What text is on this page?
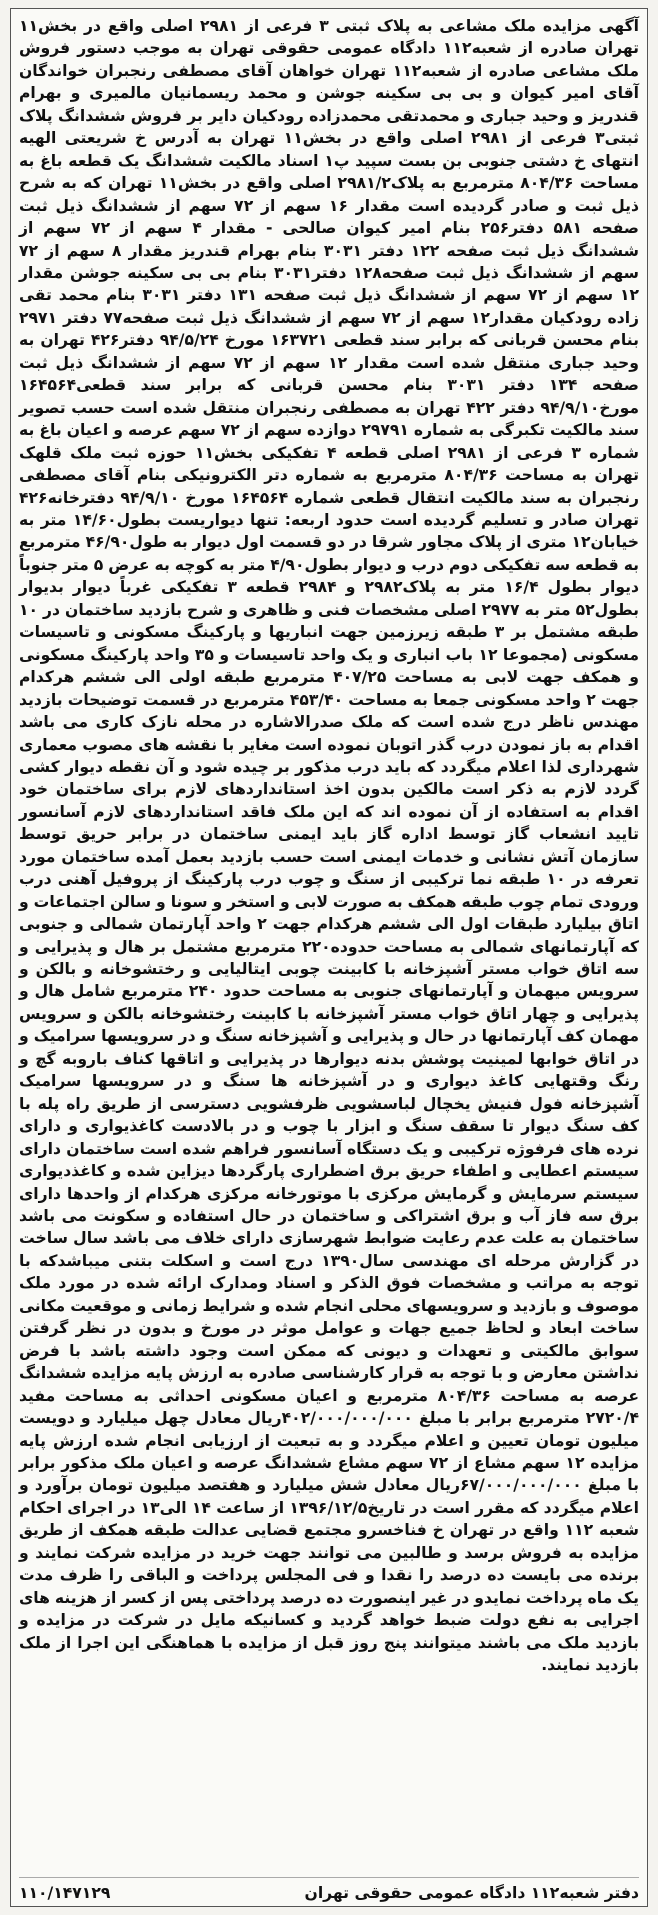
آگهی مزایده ملک مشاعی به پلاک ثبتی ۳ فرعی از ۲۹۸۱ اصلی واقع در بخش۱۱ تهران صادره از شعبه۱۱۲ دادگاه عمومی حقوقی تهران به موجب دستور فروش ملک مشاعی صادره از شعبه۱۱۲ تهران خواهان آقای مصطفی رنجبران خواندگان آقای امیر کیوان و بی بی سکینه جوشن و محمد ریسمانیان مالمیری و بهرام قندریز و وحید جباری و محمدتقی محمدزاده رودکیان دایر بر فروش ششدانگ پلاک ثبتی۳ فرعی از ۲۹۸۱ اصلی واقع در بخش۱۱ تهران به آدرس خ شریعتی الهیه انتهای خ دشتی جنوبی بن بست سپید پ۱ اسناد مالکیت ششدانگ یک قطعه باغ به مساحت ۸۰۴/۳۶ مترمربع به پلاک۲۹۸۱/۲ اصلی واقع در بخش۱۱ تهران که به شرح ذیل ثبت و صادر گردیده است مقدار ۱۶ سهم از ۷۲ سهم از ششدانگ ذیل ثبت صفحه ۵۸۱ دفتر۲۵۶ بنام امیر کیوان صالحی - مقدار ۴ سهم از ۷۲ سهم از ششدانگ ذیل ثبت صفحه ۱۲۲ دفتر ۳۰۳۱ بنام بهرام قندریز مقدار ۸ سهم از ۷۲ سهم از ششدانگ ذیل ثبت صفحه۱۲۸ دفتر۳۰۳۱ بنام بی بی سکینه جوشن مقدار ۱۲ سهم از ۷۲ سهم از ششدانگ ذیل ثبت صفحه ۱۳۱ دفتر ۳۰۳۱ بنام محمد تقی زاده رودکیان مقدار۱۲ سهم از ۷۲ سهم از ششدانگ ذیل ثبت صفحه۷۷ دفتر ۲۹۷۱ بنام محسن قربانی که برابر سند قطعی ۱۶۳۷۲۱ مورخ ۹۴/۵/۲۴ دفتر۴۲۶ تهران به وحید جباری منتقل شده است مقدار ۱۲ سهم از ۷۲ سهم از ششدانگ ذیل ثبت صفحه ۱۳۴ دفتر ۳۰۳۱ بنام محسن قربانی که برابر سند قطعی۱۶۴۵۶۴ مورخ۹۴/۹/۱۰ دفتر ۴۲۲ تهران به مصطفی رنجبران منتقل شده است حسب تصویر سند مالکیت تکبرگی به شماره ۲۹۷۹۱ دوازده سهم از ۷۲ سهم عرصه و اعیان باغ به شماره ۳ فرعی از ۲۹۸۱ اصلی قطعه ۴ تفکیکی بخش۱۱ حوزه ثبت ملک قلهک تهران به مساحت ۸۰۴/۳۶ مترمربع به شماره دتر الکترونیکی بنام آقای مصطفی رنجبران به سند مالکیت انتقال قطعی شماره ۱۶۴۵۶۴ مورخ ۹۴/۹/۱۰ دفترخانه۴۲۶ تهران صادر و تسلیم گردیده است حدود اربعه: تنها دیواریست بطول۱۴/۶۰ متر به خیابان۱۲ متری از پلاک مجاور شرقا در دو قسمت اول دیوار به طول۴۶/۹۰ مترمربع به قطعه سه تفکیکی دوم درب و دیوار بطول۴/۹۰ متر به کوچه به عرض ۵ متر جنوباً دیوار بطول ۱۶/۴ متر به پلاک۲۹۸۲ و ۲۹۸۴ قطعه ۳ تفکیکی غرباً دیوار بدیوار بطول۵۲ متر به ۲۹۷۷ اصلی مشخصات فنی و ظاهری و شرح بازدید ساختمان در ۱۰ طبقه مشتمل بر ۳ طبقه زیرزمین جهت انباریها و پارکینگ مسکونی و تاسیسات مسکونی (مجموعا ۱۲ باب انباری و یک واحد تاسیسات و ۳۵ واحد پارکینگ مسکونی و همکف جهت لابی به مساحت ۴۰۷/۲۵ مترمربع طبقه اولی الی ششم هرکدام جهت ۲ واحد مسکونی جمعا به مساحت ۴۵۳/۴۰ مترمربع در قسمت توضیحات بازدید مهندس ناظر درج شده است که ملک صدرالاشاره در محله نازک کاری می باشد اقدام به باز نمودن درب گذر اتوبان نموده است مغایر با نقشه های مصوب معماری شهرداری لذا اعلام میگردد که باید درب مذکور بر چیده شود و آن نقطه دیوار کشی گردد لازم به ذکر است مالکین بدون اخذ استانداردهای لازم برای ساختمان خود اقدام به استفاده از آن نموده اند که این ملک فاقد استانداردهای لازم آسانسور تایید انشعاب گاز توسط اداره گاز باید ایمنی ساختمان در برابر حریق توسط سازمان آتش نشانی و خدمات ایمنی است حسب بازدید بعمل آمده ساختمان مورد تعرفه در ۱۰ طبقه نما ترکیبی از سنگ و چوب درب پارکینگ از پروفیل آهنی درب ورودی تمام چوب طبقه همکف به صورت لابی و استخر و سونا و سالن اجتماعات و اتاق بیلیارد طبقات اول الی ششم هرکدام جهت ۲ واحد آپارتمان شمالی و جنوبی که آپارتمانهای شمالی به مساحت حدوده۲۲۰ مترمربع مشتمل بر هال و پذیرایی و سه اتاق خواب مستر آشپزخانه با کابینت چوبی ایتالیایی و رختشوخانه و بالکن و سرویس میهمان و آپارتمانهای جنوبی به مساحت حدود ۲۴۰ مترمربع شامل هال و پذیرایی و چهار اتاق خواب مستر آشپزخانه با کابینت رختشوخانه بالکن و سرویس مهمان کف آپارتمانها در حال و پذیرایی و آشپزخانه سنگ و در سرویسها سرامیک و در اتاق خوابها لمینیت پوشش بدنه دیوارها در پذیرایی و اتاقها کناف باروبه گچ و رنگ وقتهایی کاغذ دیواری و در آشپزخانه ها سنگ و در سرویسها سرامیک آشپزخانه فول فنیش یخچال لباسشویی ظرفشویی دسترسی از طریق راه پله با کف سنگ دیوار تا سقف سنگ و ابزار با چوب و در بالادست کاغذیواری و دارای نرده های فرفوژه ترکیبی و یک دستگاه آسانسور فراهم شده است ساختمان دارای سیستم اعطایی و اطفاء حریق برق اضطراری پارگردها دیزاین شده و کاغذدیواری سیستم سرمایش و گرمایش مرکزی با موتورخانه مرکزی هرکدام از واحدها دارای برق سه فاز آب و برق اشتراکی و ساختمان در حال استفاده و سکونت می باشد ساختمان به علت عدم رعایت ضوابط شهرسازی دارای خلاف می باشد سال ساخت در گزارش مرحله ای مهندسی سال۱۳۹۰ درج است و اسکلت بتنی میباشدکه با توجه به مراتب و مشخصات فوق الذکر و اسناد ومدارک ارائه شده در مورد ملک موصوف و بازدید و سرویسهای محلی انجام شده و شرایط زمانی و موقعیت مکانی ساخت ابعاد و لحاظ جمیع جهات و عوامل موثر در مورخ و بدون در نظر گرفتن سوابق مالکیتی و تعهدات و دیونی که ممکن است وجود داشته باشد با فرض نداشتن معارض و با توجه به قرار کارشناسی صادره به ارزش پایه مزایده ششدانگ عرصه به مساحت ۸۰۴/۳۶ مترمربع و اعیان مسکونی احداثی به مساحت مفید ۲۷۲۰/۴ مترمربع برابر با مبلغ ۴۰۲/۰۰۰/۰۰۰/۰۰۰ریال معادل چهل میلیارد و دویست میلیون تومان تعیین و اعلام میگردد و به تبعیت از ارزیابی انجام شده ارزش پایه مزایده ۱۲ سهم مشاع از ۷۲ سهم مشاع ششدانگ عرصه و اعیان ملک مذکور برابر با مبلغ ۶۷/۰۰۰/۰۰۰/۰۰۰ریال معادل شش میلیارد و هفتصد میلیون تومان برآورد و اعلام میگردد که مقرر است در تاریخ۱۳۹۶/۱۲/۵ از ساعت ۱۴ الی۱۳ در اجرای احکام شعبه ۱۱۲ واقع در تهران خ فناخسرو مجتمع قضایی عدالت طبقه همکف از طریق مزایده به فروش برسد و طالبین می توانند جهت خرید در مزایده شرکت نمایند و برنده می بایست ده درصد را نقدا و فی المجلس پرداخت و الباقی را ظرف مدت یک ماه پرداخت نمایدو در غیر اینصورت ده درصد پرداختی پس از کسر از هزینه های اجرایی به نفع دولت ضبط خواهد گردید و کسانیکه مایل در شرکت در مزایده و بازدید ملک می باشند میتوانند پنج روز قبل از مزایده با هماهنگی این اجرا از ملک بازدید نمایند.

دفتر شعبه۱۱۲ دادگاه عمومی حقوقی تهران
۱۱۰/۱۴۷۱۲۹
